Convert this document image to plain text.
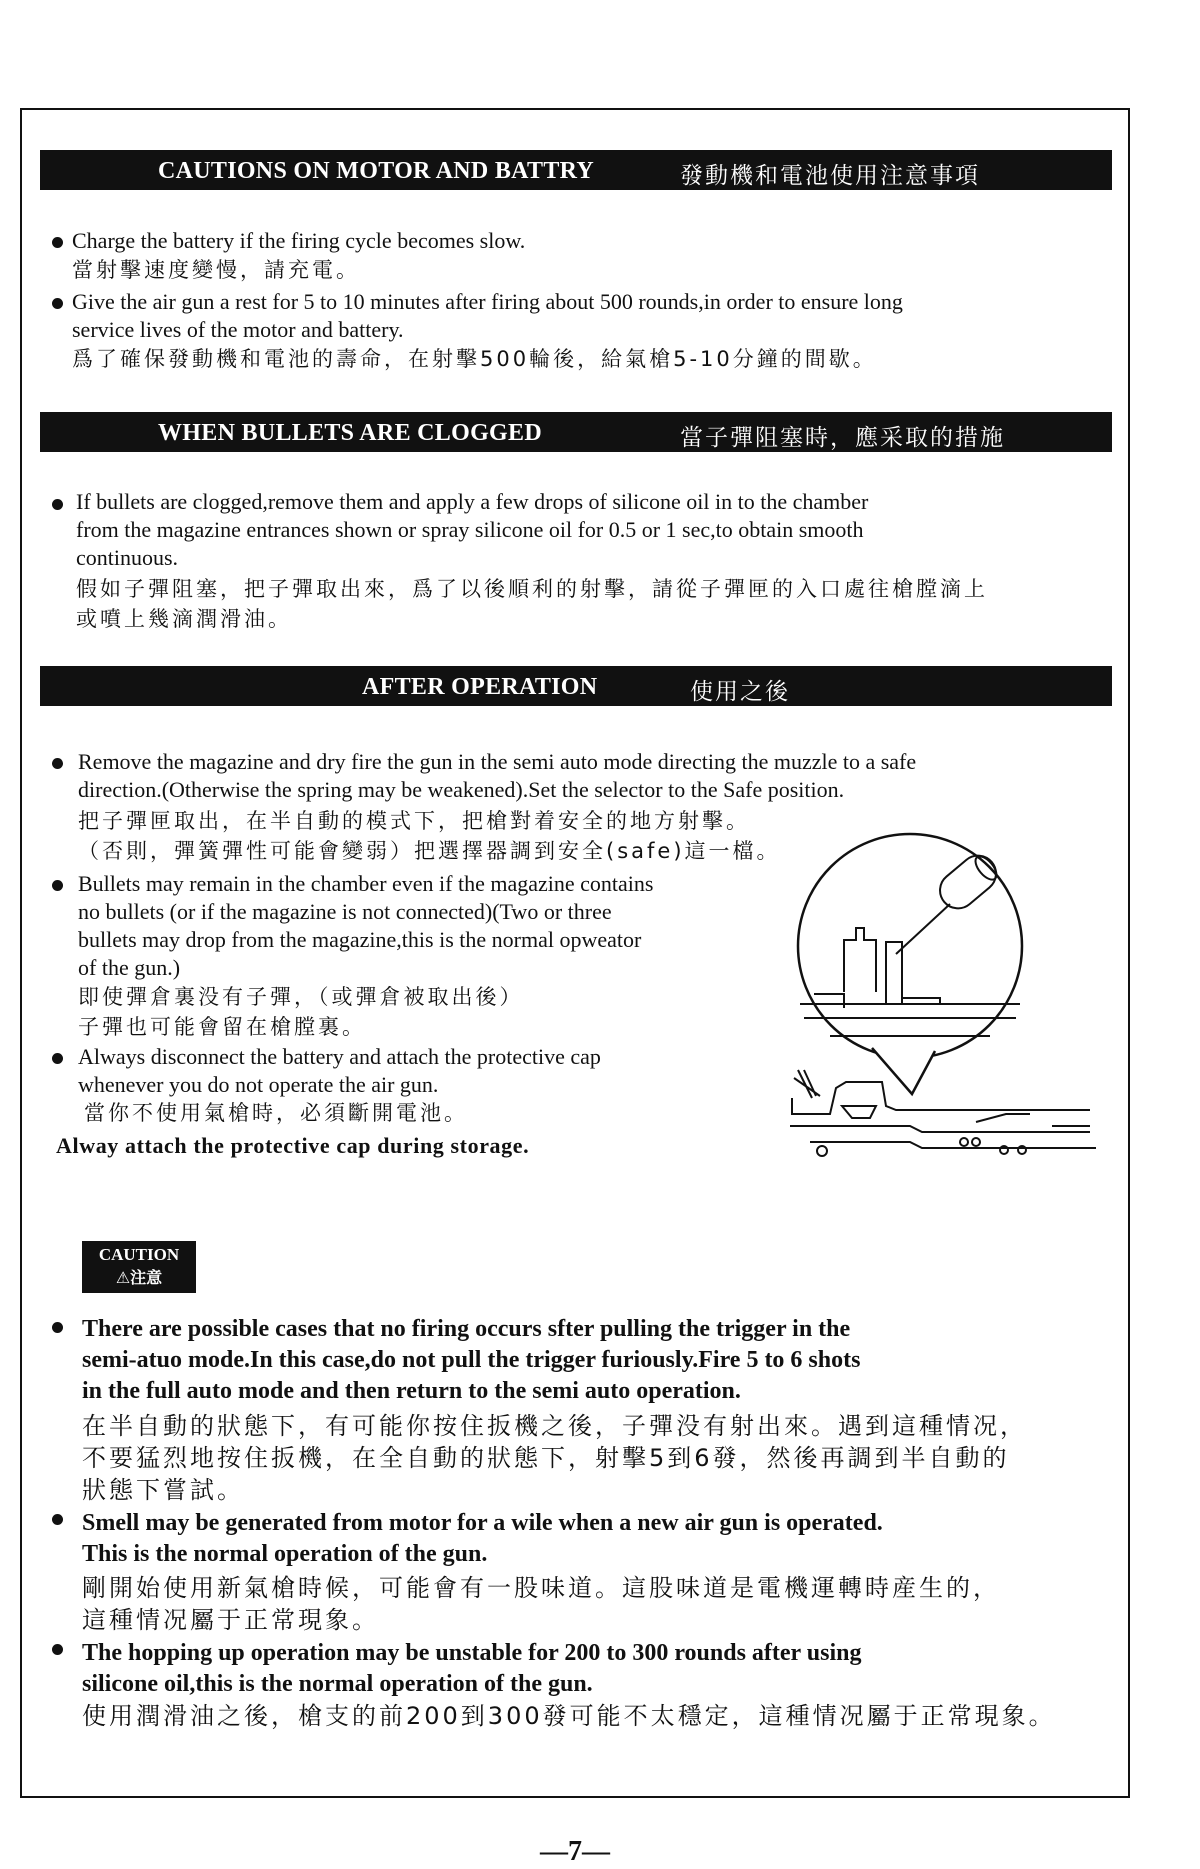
CAUTIONS ON MOTOR AND BATTRY	發動機和電池使用注意事項
Charge the battery if the firing cycle becomes slow.
當射擊速度變慢，請充電。
Give the air gun a rest for 5 to 10 minutes after firing about 500 rounds,in order to ensure long
service lives of the motor and battery.
爲了確保發動機和電池的壽命，在射擊500輪後，給氣槍5-10分鐘的間歇。
WHEN BULLETS ARE CLOGGED	當子彈阻塞時，應采取的措施
If bullets are clogged,remove them and apply a few drops of silicone oil in to the chamber
from the magazine entrances shown or spray silicone oil for 0.5 or 1 sec,to obtain smooth
continuous.
假如子彈阻塞，把子彈取出來，爲了以後順利的射擊，請從子彈匣的入口處往槍膛滴上
或噴上幾滴潤滑油。
AFTER OPERATION	使用之後
Remove the magazine and dry fire the gun in the semi auto mode directing the muzzle to a safe
direction.(Otherwise the spring may be weakened).Set the selector to the Safe position.
把子彈匣取出，在半自動的模式下，把槍對着安全的地方射擊。
（否則，彈簧彈性可能會變弱）把選擇器調到安全(safe)這一檔。
Bullets may remain in the chamber even if the magazine contains
no bullets (or if the magazine is not connected)(Two or three
bullets may drop from the magazine,this is the normal opweator
of the gun.)
即使彈倉裏没有子彈，（或彈倉被取出後）
子彈也可能會留在槍膛裏。
Always disconnect the battery and attach the protective cap
whenever you do not operate the air gun.
當你不使用氣槍時，必須斷開電池。
Alway attach the protective cap during storage.
CAUTION
⚠注意
There are possible cases that no firing occurs sfter pulling the trigger in the
semi-atuo mode.In this case,do not pull the trigger furiously.Fire 5 to 6 shots
in the full auto mode and then return to the semi auto operation.
在半自動的狀態下，有可能你按住扳機之後，子彈没有射出來。遇到這種情况，
不要猛烈地按住扳機，在全自動的狀態下，射擊5到6發，然後再調到半自動的
狀態下嘗試。
Smell may be generated from motor for a wile when a new air gun is operated.
This is the normal operation of the gun.
剛開始使用新氣槍時候，可能會有一股味道。這股味道是電機運轉時産生的，
這種情况屬于正常現象。
The hopping up operation may be unstable for 200 to 300 rounds after using
silicone oil,this is the normal operation of the gun.
使用潤滑油之後，槍支的前200到300發可能不太穩定，這種情况屬于正常現象。
—7—
